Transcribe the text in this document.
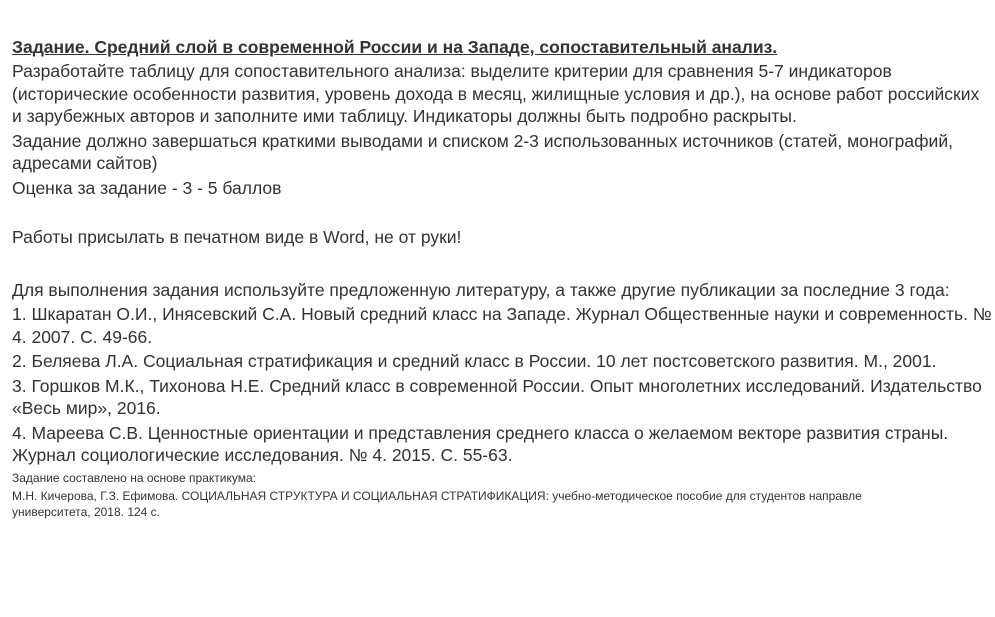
Задание. Средний слой в современной России и на Западе, сопоставительный анализ.

Разработайте таблицу для сопоставительного анализа: выделите критерии для сравнения 5-7 индикаторов (исторические особенности развития, уровень дохода в месяц, жилищные условия и др.), на основе работ российских и зарубежных авторов и заполните ими таблицу. Индикаторы должны быть подробно раскрыты.

Задание должно завершаться краткими выводами и списком 2-3 использованных источников (статей, монографий, адресами сайтов)

Оценка за задание - 3 - 5 баллов

Работы присылать в печатном виде в Word, не от руки!

Для выполнения задания используйте предложенную литературу, а также другие публикации за последние 3 года:

1. Шкаратан О.И., Инясевский С.А. Новый средний класс на Западе. Журнал Общественные науки и современность. № 4. 2007. С. 49-66.

2. Беляева Л.А. Социальная стратификация и средний класс в России. 10 лет постсоветского развития. М., 2001.

3. Горшков М.К., Тихонова Н.Е. Средний класс в современной России. Опыт многолетних исследований. Издательство «Весь мир», 2016.

4. Мареева С.В. Ценностные ориентации и представления среднего класса о желаемом векторе развития страны. Журнал социологические исследования. № 4. 2015. С. 55-63.

Задание составлено на основе практикума:

М.Н. Кичерова, Г.З. Ефимова. СОЦИАЛЬНАЯ СТРУКТУРА И СОЦИАЛЬНАЯ СТРАТИФИКАЦИЯ: учебно-методическое пособие для студентов направле

университета, 2018. 124 с.
